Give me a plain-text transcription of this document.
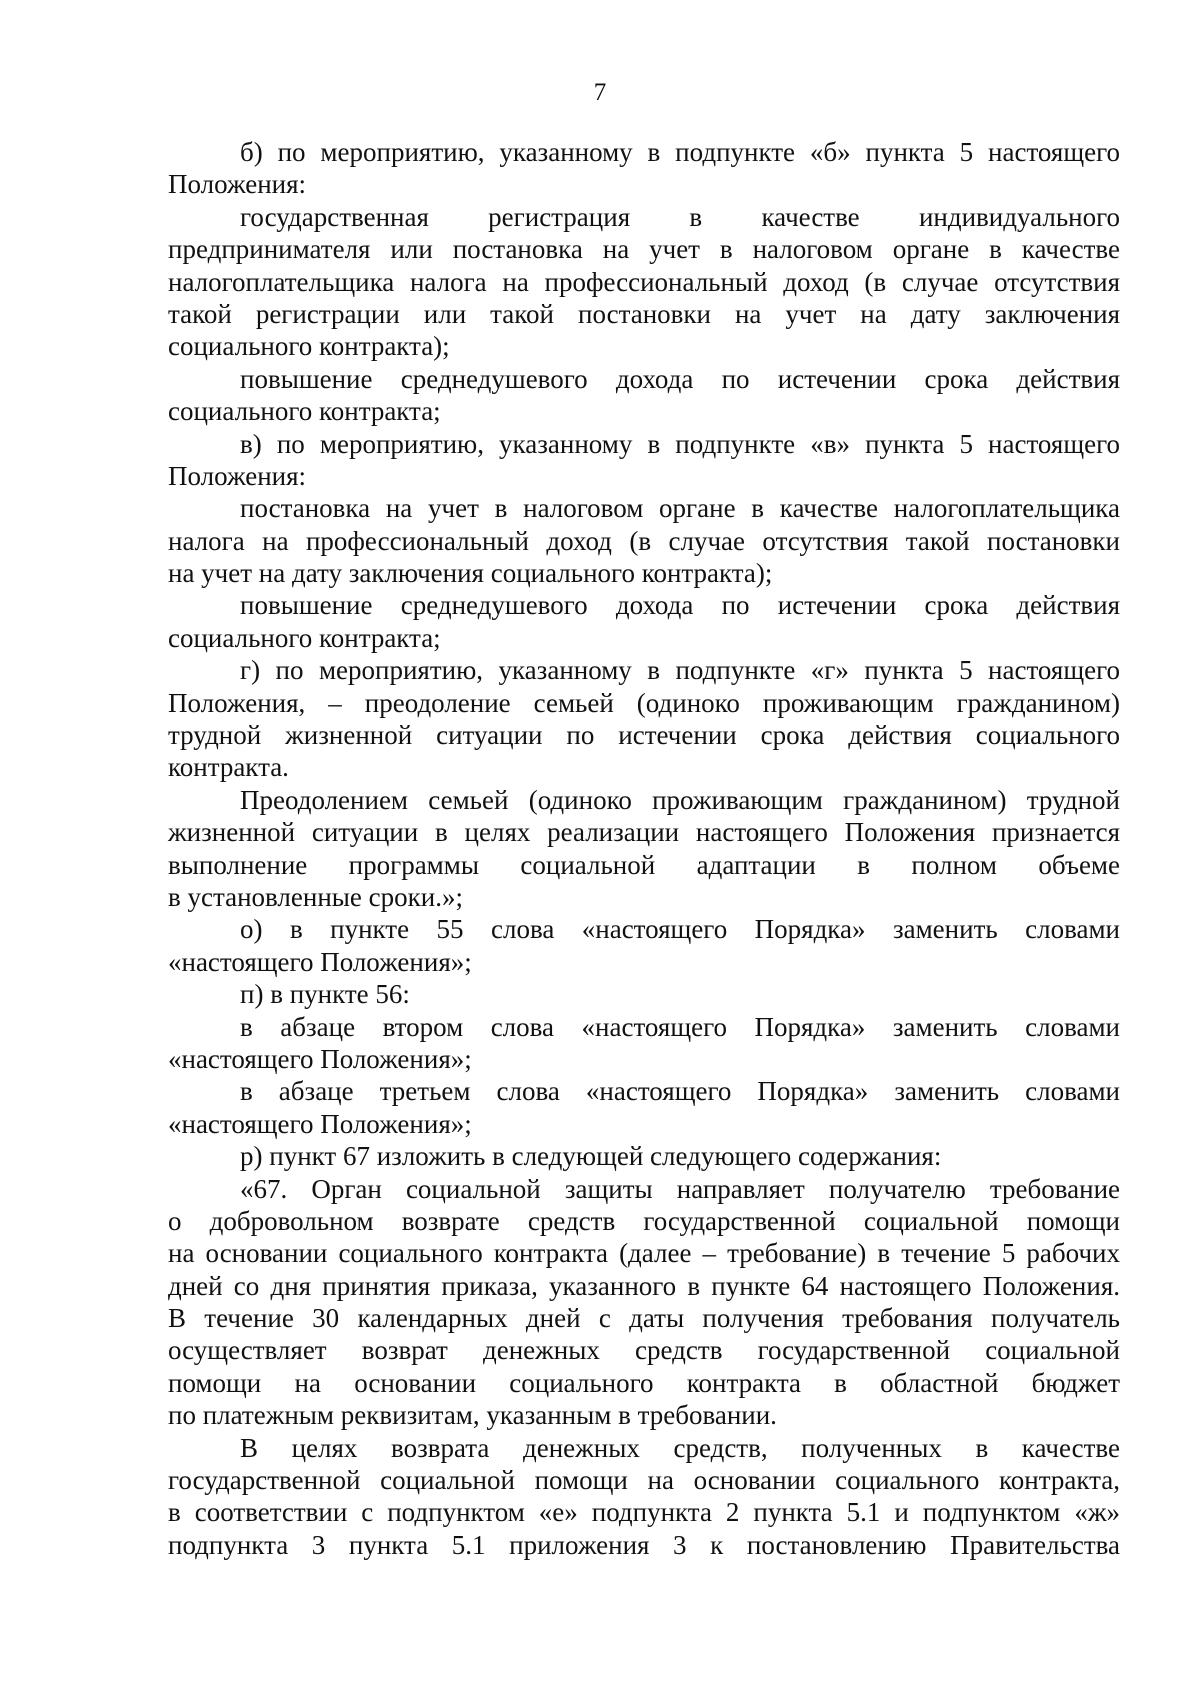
7
б) по мероприятию, указанному в подпункте «б» пункта 5 настоящего
Положения:
государственная регистрация в качестве индивидуального
предпринимателя или постановка на учет в налоговом органе в качестве
налогоплательщика налога на профессиональный доход (в случае отсутствия
такой регистрации или такой постановки на учет на дату заключения
социального контракта);
повышение среднедушевого дохода по истечении срока действия
социального контракта;
в) по мероприятию, указанному в подпункте «в» пункта 5 настоящего
Положения:
постановка на учет в налоговом органе в качестве налогоплательщика
налога на профессиональный доход (в случае отсутствия такой постановки
на учет на дату заключения социального контракта);
повышение среднедушевого дохода по истечении срока действия
социального контракта;
г) по мероприятию, указанному в подпункте «г» пункта 5 настоящего
Положения, – преодоление семьей (одиноко проживающим гражданином)
трудной жизненной ситуации по истечении срока действия социального
контракта.
Преодолением семьей (одиноко проживающим гражданином) трудной
жизненной ситуации в целях реализации настоящего Положения признается
выполнение программы социальной адаптации в полном объеме
в установленные сроки.»;
о) в пункте 55 слова «настоящего Порядка» заменить словами
«настоящего Положения»;
п) в пункте 56:
в абзаце втором слова «настоящего Порядка» заменить словами
«настоящего Положения»;
в абзаце третьем слова «настоящего Порядка» заменить словами
«настоящего Положения»;
р) пункт 67 изложить в следующей следующего содержания:
«67. Орган социальной защиты направляет получателю требование
о добровольном возврате средств государственной социальной помощи
на основании социального контракта (далее – требование) в течение 5 рабочих
дней со дня принятия приказа, указанного в пункте 64 настоящего Положения.
В течение 30 календарных дней с даты получения требования получатель
осуществляет возврат денежных средств государственной социальной
помощи на основании социального контракта в областной бюджет
по платежным реквизитам, указанным в требовании.
В целях возврата денежных средств, полученных в качестве
государственной социальной помощи на основании социального контракта,
в соответствии с подпунктом «е» подпункта 2 пункта 5.1 и подпунктом «ж»
подпункта 3 пункта 5.1 приложения 3 к постановлению Правительства
